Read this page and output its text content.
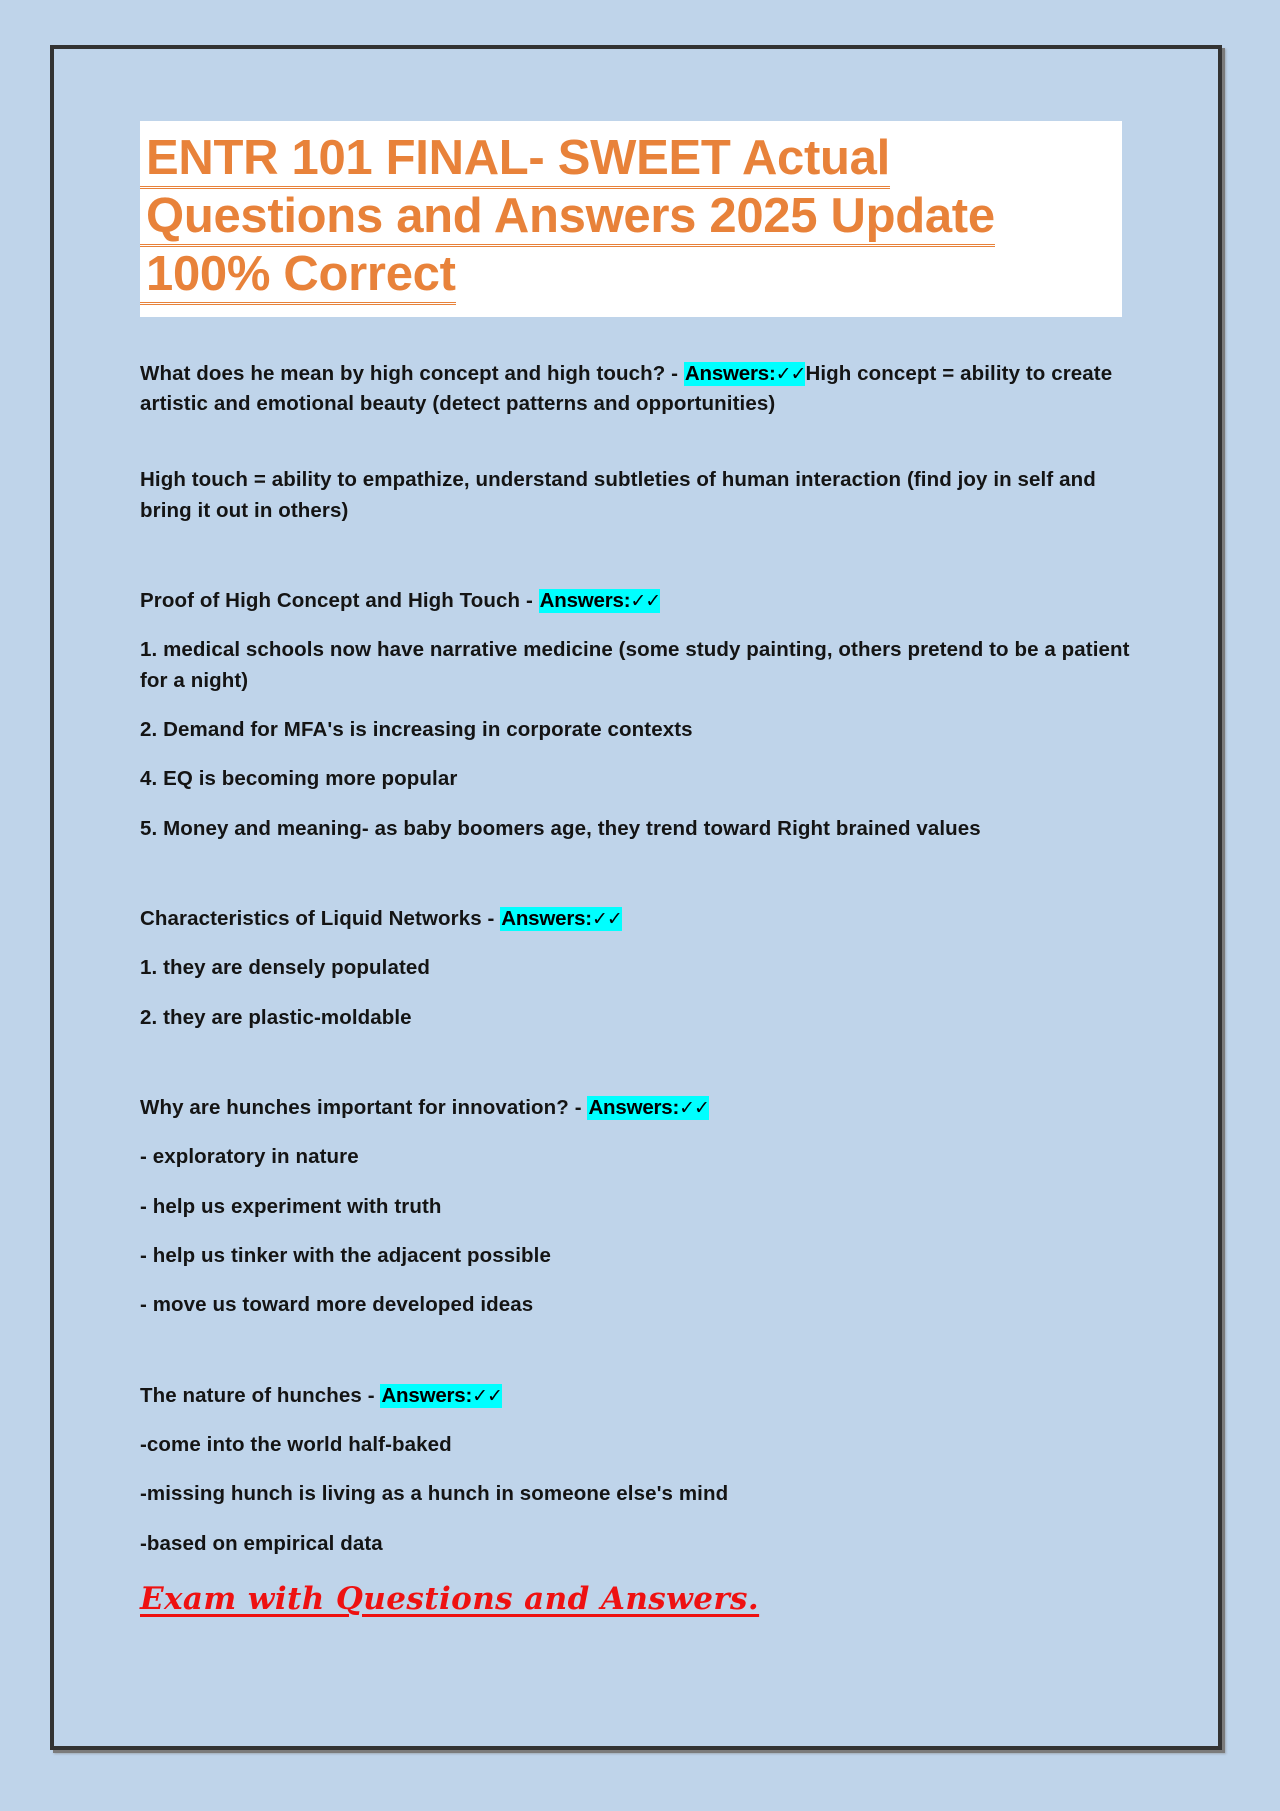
ENTR 101 FINAL- SWEET Actual
Questions and Answers 2025 Update
100% Correct

What does he mean by high concept and high touch? - Answers:✓✓High concept = ability to create artistic and emotional beauty (detect patterns and opportunities)

High touch = ability to empathize, understand subtleties of human interaction (find joy in self and bring it out in others)

Proof of High Concept and High Touch - Answers:✓✓

1. medical schools now have narrative medicine (some study painting, others pretend to be a patient for a night)

2. Demand for MFA's is increasing in corporate contexts

4. EQ is becoming more popular

5. Money and meaning- as baby boomers age, they trend toward Right brained values

Characteristics of Liquid Networks - Answers:✓✓

1. they are densely populated

2. they are plastic-moldable

Why are hunches important for innovation? - Answers:✓✓

- exploratory in nature

- help us experiment with truth

- help us tinker with the adjacent possible

- move us toward more developed ideas

The nature of hunches - Answers:✓✓

-come into the world half-baked

-missing hunch is living as a hunch in someone else's mind

-based on empirical data

Exam with Questions and Answers.
